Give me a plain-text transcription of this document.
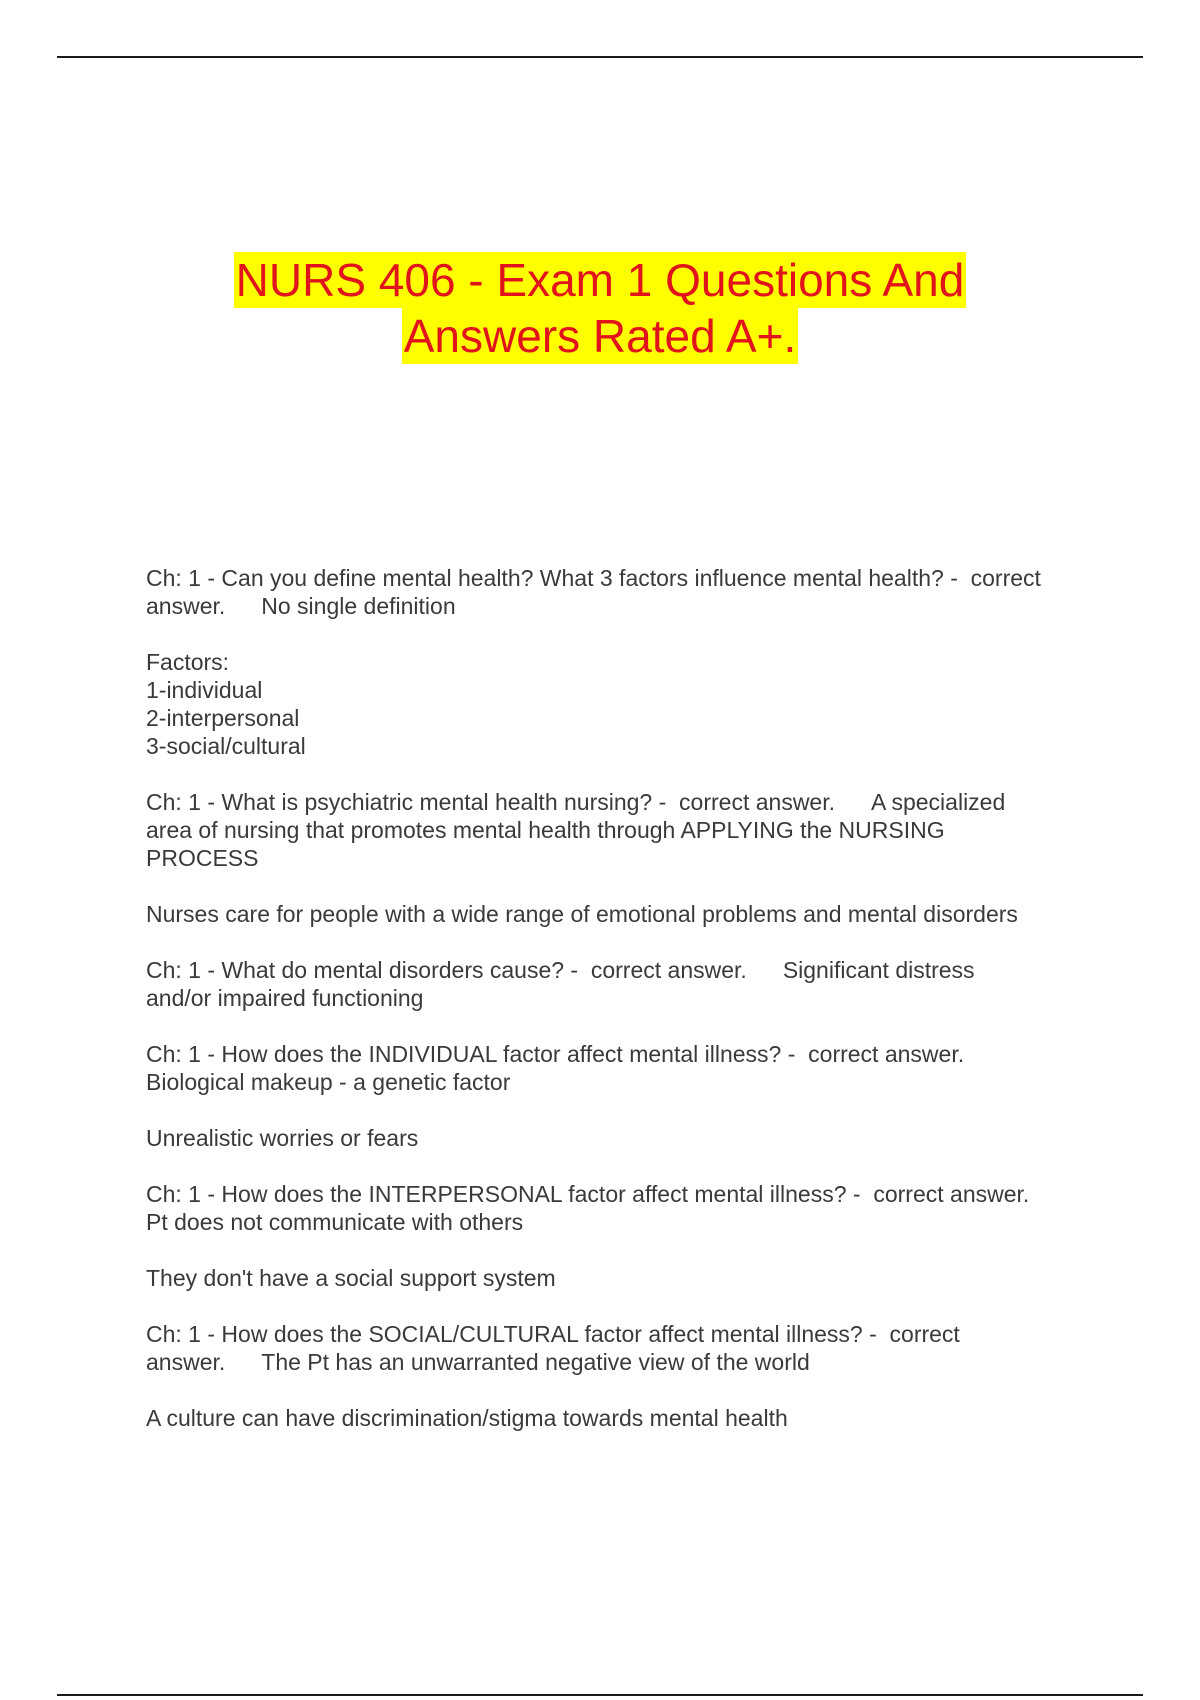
NURS 406 - Exam 1 Questions And
Answers Rated A+.
Ch: 1 - Can you define mental health? What 3 factors influence mental health? -  correct
answer. No single definition
Factors:
1-individual
2-interpersonal
3-social/cultural
Ch: 1 - What is psychiatric mental health nursing? -  correct answer. A specialized
area of nursing that promotes mental health through APPLYING the NURSING
PROCESS
Nurses care for people with a wide range of emotional problems and mental disorders
Ch: 1 - What do mental disorders cause? -  correct answer. Significant distress
and/or impaired functioning
Ch: 1 - How does the INDIVIDUAL factor affect mental illness? -  correct answer.
Biological makeup - a genetic factor
Unrealistic worries or fears
Ch: 1 - How does the INTERPERSONAL factor affect mental illness? -  correct answer.
Pt does not communicate with others
They don't have a social support system
Ch: 1 - How does the SOCIAL/CULTURAL factor affect mental illness? -  correct
answer. The Pt has an unwarranted negative view of the world
A culture can have discrimination/stigma towards mental health
